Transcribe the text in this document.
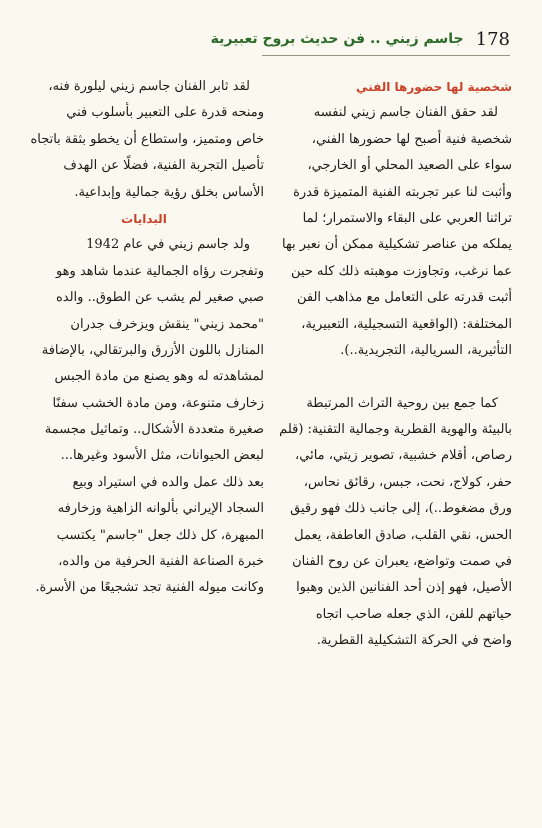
جاسم زيني .. فن حديث بروح تعبيرية 178
شخصية لها حضورها الفني
لقد حقق الفنان جاسم زيني لنفسه
شخصية فنية أصبح لها حضورها الفني،
سواء على الصعيد المحلي أو الخارجي،
وأثبت لنا عبر تجربته الفنية المتميزة قدرة
تراثنا العربي على البقاء والاستمرار؛ لما
يملكه من عناصر تشكيلية ممكن أن نعبر بها
عما نرغب، وتجاوزت موهبته ذلك كله حين
أثبت قدرته على التعامل مع مذاهب الفن
المختلفة: (الواقعية التسجيلية، التعبيرية،
التأثيرية، السريالية، التجريدية..).
كما جمع بين روحية التراث المرتبطة
بالبيئة والهوية القطرية وجمالية التقنية: (قلم
رصاص، أقلام خشبية، تصوير زيتي، مائي،
حفر، كولاج، نحت، جبس، رقائق نحاس،
ورق مضغوط..)، إلى جانب ذلك فهو رقيق
الحس، نقي القلب، صادق العاطفة، يعمل
في صمت وتواضع، يعبران عن روح الفنان
الأصيل، فهو إذن أحد الفنانين الذين وهبوا
حياتهم للفن، الذي جعله صاحب اتجاه
واضح في الحركة التشكيلية القطرية.
لقد ثابر الفنان جاسم زيني ليلورة فنه،
ومنحه قدرة على التعبير بأسلوب فني
خاص ومتميز، واستطاع أن يخطو بثقة باتجاه
تأصيل التجربة الفنية، فضلًا عن الهدف
الأساس بخلق رؤية جمالية وإبداعية.
البدايات
ولد جاسم زيني في عام 1942
وتفجرت رؤاه الجمالية عندما شاهد وهو
صبي صغير لم يشب عن الطوق.. والده
"محمد زيني" ينقش ويزخرف جدران
المنازل باللون الأزرق والبرتقالي، بالإضافة
لمشاهدته له وهو يصنع من مادة الجبس
زخارف متنوعة، ومن مادة الخشب سفنًا
صغيرة متعددة الأشكال.. وتماثيل مجسمة
لبعض الحيوانات، مثل الأسود وغيرها...
بعد ذلك عمل والده في استيراد وبيع
السجاد الإيراني بألوانه الزاهية وزخارفه
المبهرة، كل ذلك جعل "جاسم" يكتسب
خبرة الصناعة الفنية الحرفية من والده،
وكانت ميوله الفنية تجد تشجيعًا من الأسرة.
